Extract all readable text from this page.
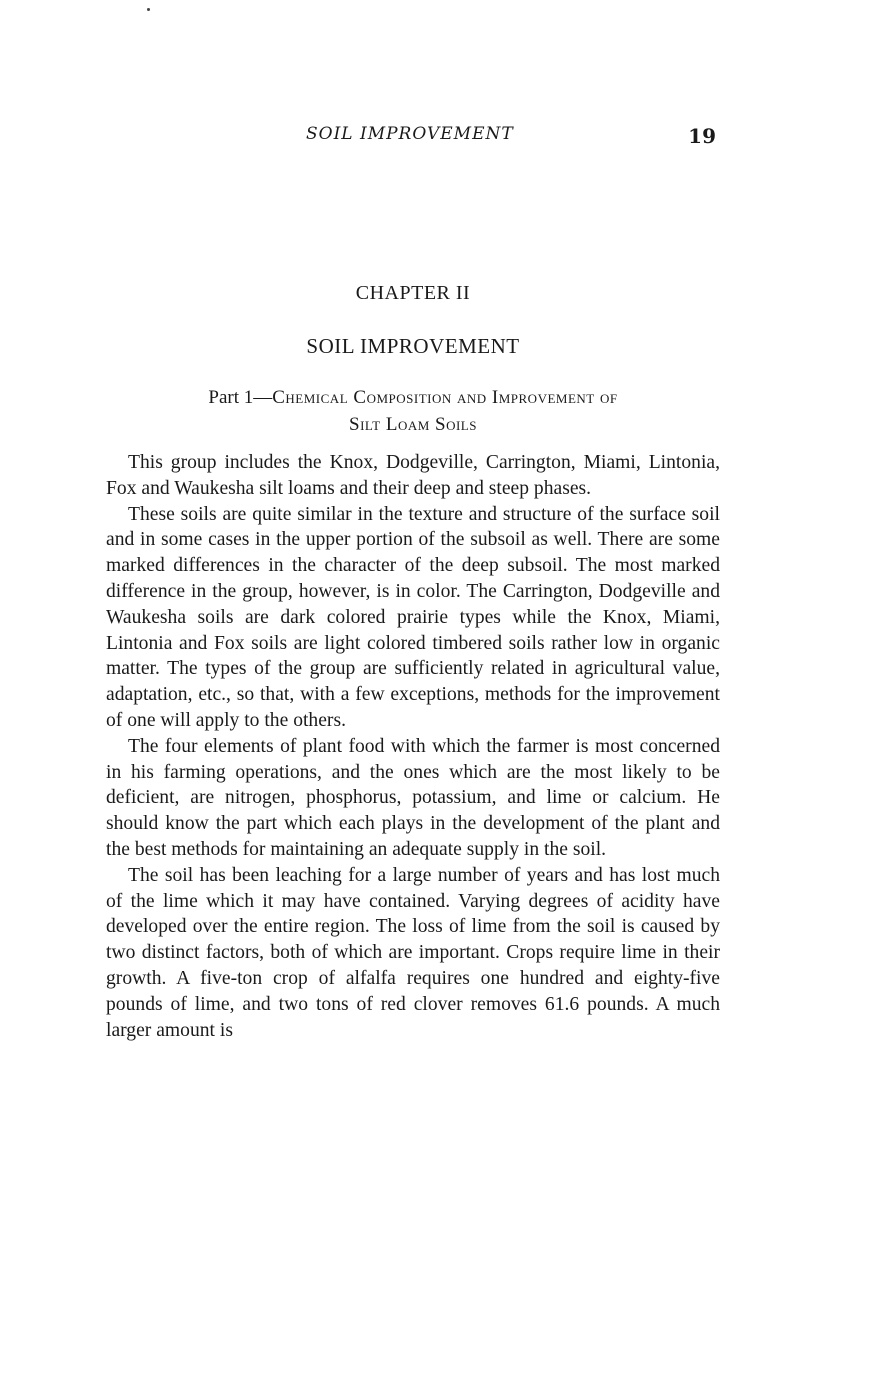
SOIL IMPROVEMENT	19
CHAPTER II
SOIL IMPROVEMENT
Part 1—Chemical Composition and Improvement of
Silt Loam Soils

This group includes the Knox, Dodgeville, Carrington, Miami, Lintonia, Fox and Waukesha silt loams and their deep and steep phases.

These soils are quite similar in the texture and structure of the surface soil and in some cases in the upper portion of the subsoil as well. There are some marked differences in the character of the deep subsoil. The most marked difference in the group, however, is in color. The Carrington, Dodgeville and Waukesha soils are dark colored prairie types while the Knox, Miami, Lintonia and Fox soils are light colored timbered soils rather low in organic matter. The types of the group are sufficiently related in agricultural value, adaptation, etc., so that, with a few exceptions, methods for the improvement of one will apply to the others.

The four elements of plant food with which the farmer is most concerned in his farming operations, and the ones which are the most likely to be deficient, are nitrogen, phosphorus, potassium, and lime or calcium. He should know the part which each plays in the development of the plant and the best methods for maintaining an adequate supply in the soil.

The soil has been leaching for a large number of years and has lost much of the lime which it may have contained. Varying degrees of acidity have developed over the entire region. The loss of lime from the soil is caused by two distinct factors, both of which are important. Crops require lime in their growth. A five-ton crop of alfalfa requires one hundred and eighty-five pounds of lime, and two tons of red clover removes 61.6 pounds. A much larger amount is
